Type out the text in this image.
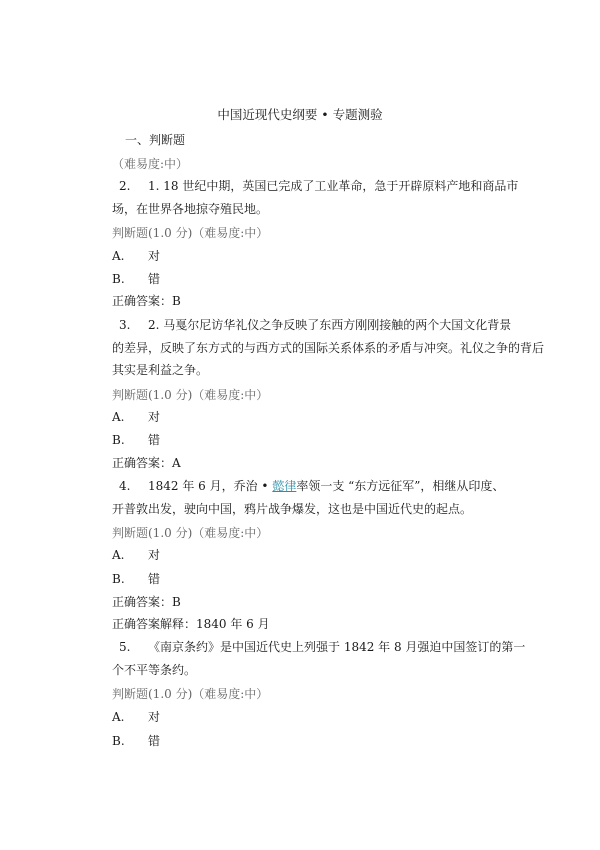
中国近现代史纲要 • 专题测验
一、判断题
（难易度:中）
2. 1. 18 世纪中期，英国已完成了工业革命，急于开辟原料产地和商品市
场，在世界各地掠夺殖民地。
判断题(1.0 分)（难易度:中）
A. 对
B. 错
正确答案：B
3. 2. 马戛尔尼访华礼仪之争反映了东西方刚刚接触的两个大国文化背景
的差异，反映了东方式的与西方式的国际关系体系的矛盾与冲突。礼仪之争的背后
其实是利益之争。
判断题(1.0 分)（难易度:中）
A. 对
B. 错
正确答案：A
4. 1842 年 6 月，乔治 • 懿律率领一支 “东方远征军”，相继从印度、
开普敦出发，驶向中国，鸦片战争爆发，这也是中国近代史的起点。
判断题(1.0 分)（难易度:中）
A. 对
B. 错
正确答案：B
正确答案解释：1840 年 6 月
5. 《南京条约》是中国近代史上列强于 1842 年 8 月强迫中国签订的第一
个不平等条约。
判断题(1.0 分)（难易度:中）
A. 对
B. 错
